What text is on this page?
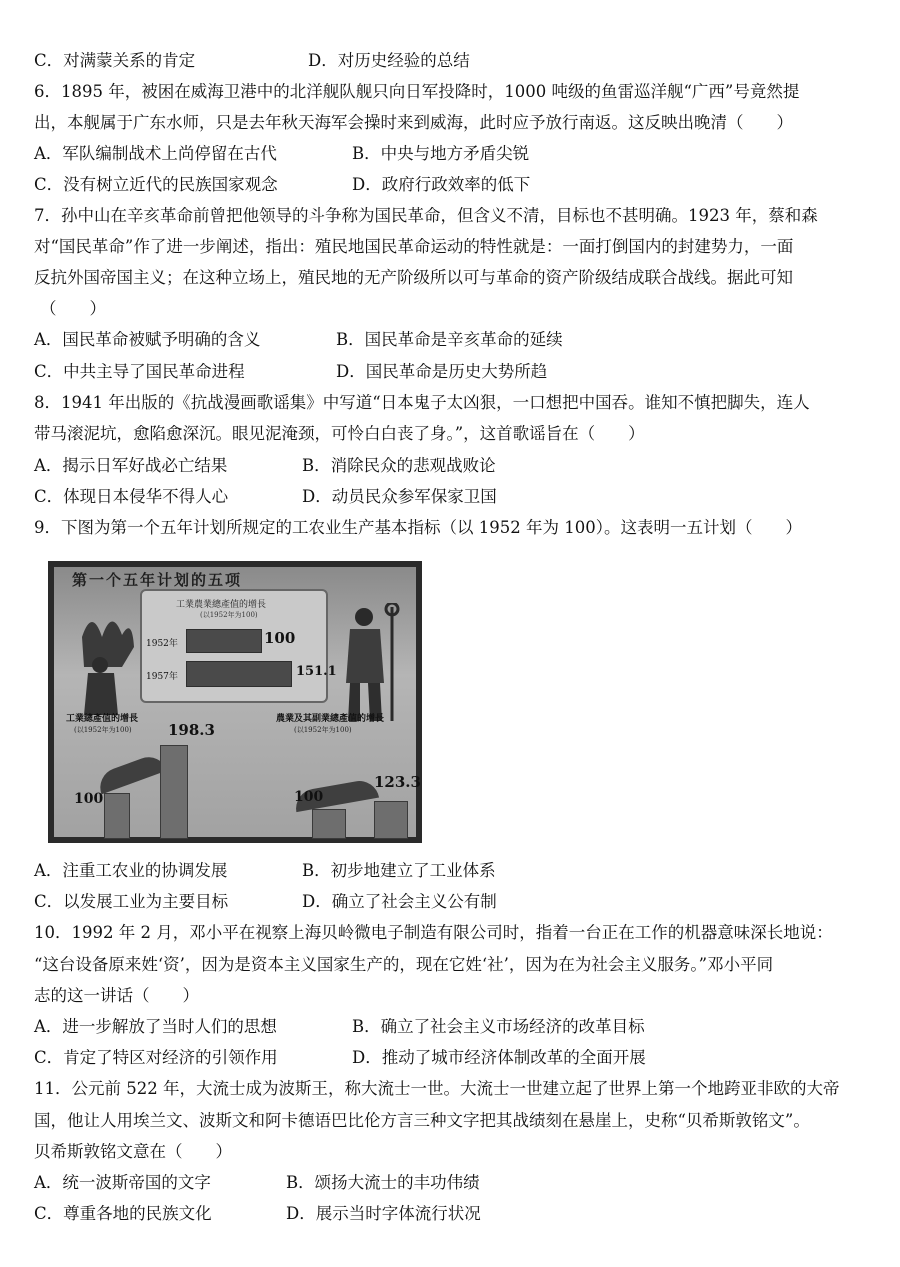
C．对满蒙关系的肯定	D．对历史经验的总结
6．1895 年，被困在威海卫港中的北洋舰队舰只向日军投降时，1000 吨级的鱼雷巡洋舰“广西”号竟然提
出，本舰属于广东水师，只是去年秋天海军会操时来到威海，此时应予放行南返。这反映出晚清（　　）
A．军队编制战术上尚停留在古代	B．中央与地方矛盾尖锐
C．没有树立近代的民族国家观念	D．政府行政效率的低下
7．孙中山在辛亥革命前曾把他领导的斗争称为国民革命，但含义不清，目标也不甚明确。1923 年，蔡和森
对“国民革命”作了进一步阐述，指出：殖民地国民革命运动的特性就是：一面打倒国内的封建势力，一面
反抗外国帝国主义；在这种立场上，殖民地的无产阶级所以可与革命的资产阶级结成联合战线。据此可知
（　　）
A．国民革命被赋予明确的含义	B．国民革命是辛亥革命的延续
C．中共主导了国民革命进程	D．国民革命是历史大势所趋
8．1941 年出版的《抗战漫画歌谣集》中写道“日本鬼子太凶狠，一口想把中国吞。谁知不慎把脚失，连人
带马滚泥坑，愈陷愈深沉。眼见泥淹颈，可怜白白丧了身。”，这首歌谣旨在（　　）
A．揭示日军好战必亡结果	B．消除民众的悲观战败论
C．体现日本侵华不得人心	D．动员民众参军保家卫国
9．下图为第一个五年计划所规定的工农业生产基本指标（以 1952 年为 100）。这表明一五计划（　　）
A．注重工农业的协调发展	B．初步地建立了工业体系
C．以发展工业为主要目标	D．确立了社会主义公有制
10．1992 年 2 月，邓小平在视察上海贝岭微电子制造有限公司时，指着一台正在工作的机器意味深长地说：
“这台设备原来姓‘资’，因为是资本主义国家生产的，现在它姓‘社’，因为在为社会主义服务。”邓小平同
志的这一讲话（　　）
A．进一步解放了当时人们的思想	B．确立了社会主义市场经济的改革目标
C．肯定了特区对经济的引领作用	D．推动了城市经济体制改革的全面开展
11．公元前 522 年，大流士成为波斯王，称大流士一世。大流士一世建立起了世界上第一个地跨亚非欧的大帝
国，他让人用埃兰文、波斯文和阿卡德语巴比伦方言三种文字把其战绩刻在悬崖上，史称“贝希斯敦铭文”。
贝希斯敦铭文意在（　　）
A．统一波斯帝国的文字	B．颂扬大流士的丰功伟绩
C．尊重各地的民族文化	D．展示当时字体流行状况
第一个五年计划的五项
工業農業總產值的增長
(以1952年为100)
1952年	100
1957年	151.1
工業總產值的增長
(以1952年为100)
100
198.3
農業及其副業總產值的增長
(以1952年为100)
100
123.3
